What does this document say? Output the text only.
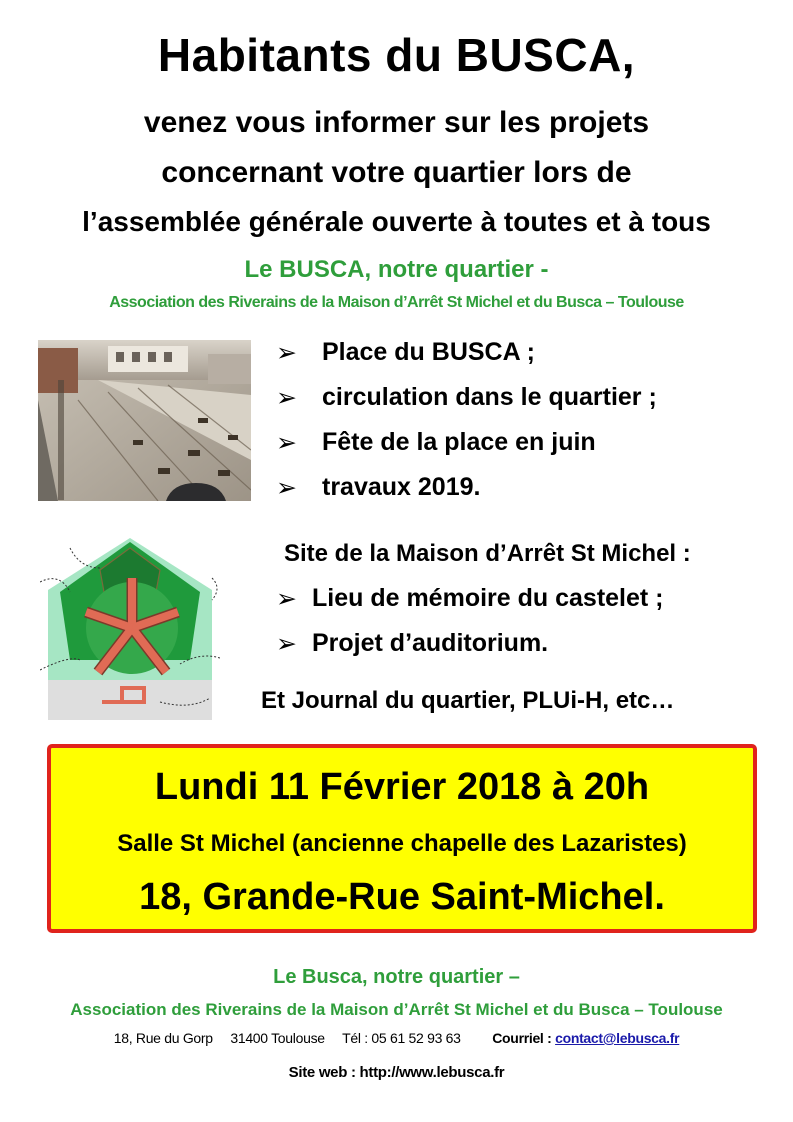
Habitants du BUSCA,
venez vous informer sur les projets
concernant votre quartier lors de
l’assemblée générale ouverte à toutes et à tous
Le BUSCA, notre quartier -
Association des Riverains de la Maison d’Arrêt St Michel et du Busca – Toulouse
➢ Place du BUSCA ;
➢ circulation dans le quartier ;
➢ Fête de la place en juin
➢ travaux 2019.
Site de la Maison d’Arrêt St Michel :
➢ Lieu de mémoire du castelet ;
➢ Projet d’auditorium.
Et Journal du quartier, PLUi-H, etc…
Lundi 11 Février 2018 à 20h
Salle St Michel (ancienne chapelle des Lazaristes)
18, Grande-Rue Saint-Michel.
Le Busca, notre quartier –
Association des Riverains de la Maison d’Arrêt St Michel et du Busca – Toulouse
18, Rue du Gorp 31400 Toulouse Tél : 05 61 52 93 63 Courriel : contact@lebusca.fr
Site web : http://www.lebusca.fr
